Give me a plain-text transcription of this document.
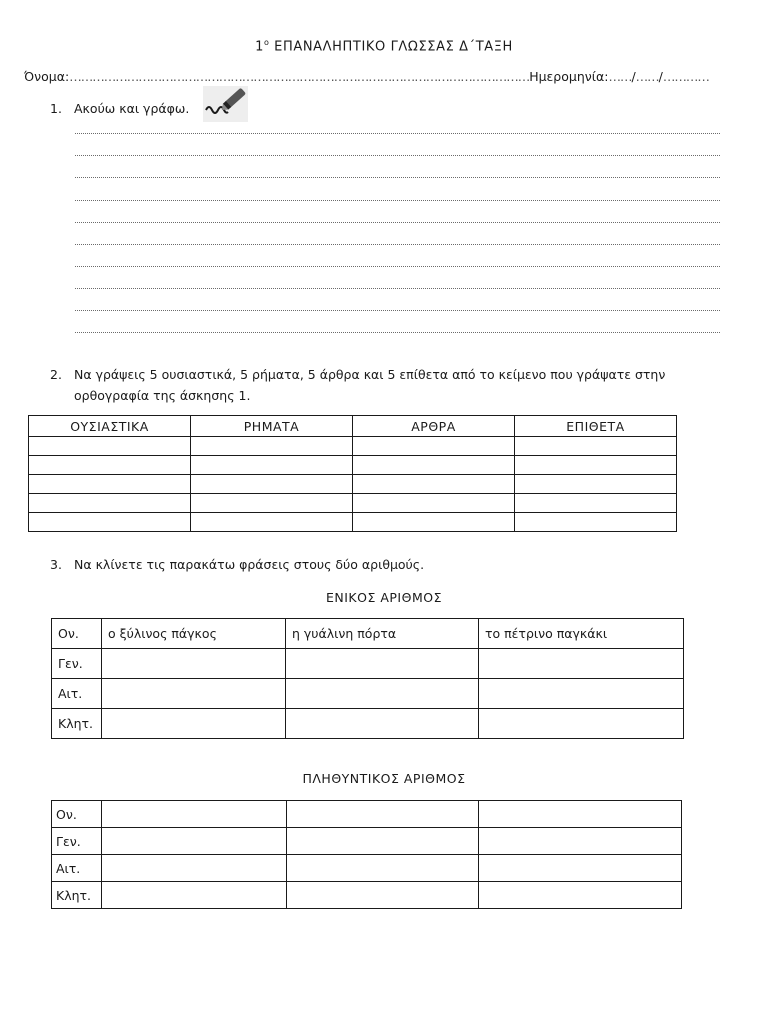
$1^o$ ΕΠΑΝΑΛΗΠΤΙΚΟ ΓΛΩΣΣΑΣ Δ΄ΤΑΞΗ
Όνομα:…………………………………………………………………………………………………………Ημερομηνία:……/……/…………
1. Ακούω και γράφω.
2. Να γράψεις 5 ουσιαστικά, 5 ρήματα, 5 άρθρα και 5 επίθετα από το κείμενο που γράψατε στην
ορθογραφία της άσκησης 1.
ΟΥΣΙΑΣΤΙΚΑ	ΡΗΜΑΤΑ	ΑΡΘΡΑ	ΕΠΙΘΕΤΑ

3. Να κλίνετε τις παρακάτω φράσεις στους δύο αριθμούς.
ΕΝΙΚΟΣ ΑΡΙΘΜΟΣ
Ον.	ο ξύλινος πάγκος	η γυάλινη πόρτα	το πέτρινο παγκάκι
Γεν.			
Αιτ.			
Κλητ.			
ΠΛΗΘΥΝΤΙΚΟΣ ΑΡΙΘΜΟΣ
Ον.			
Γεν.			
Αιτ.			
Κλητ.			
